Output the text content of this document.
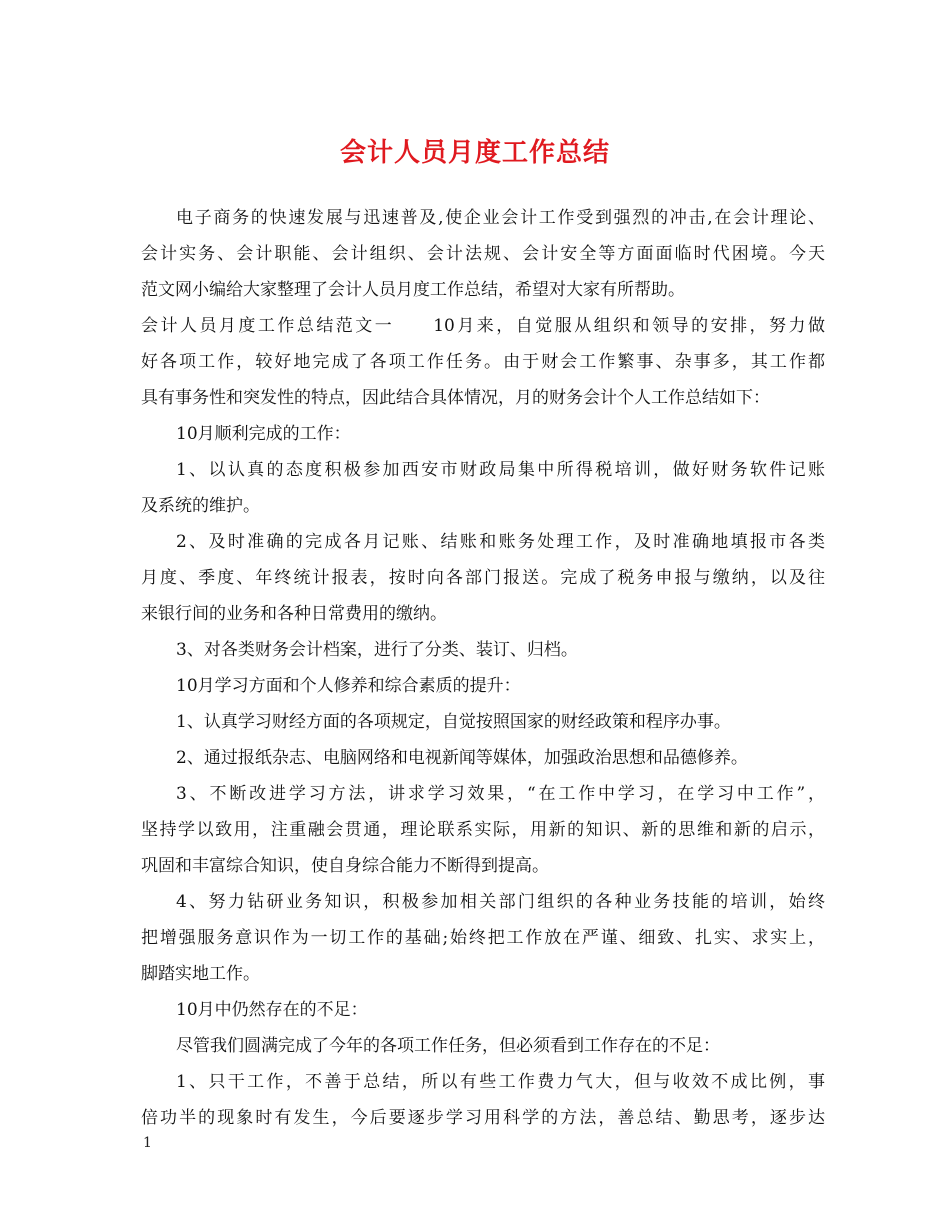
会计人员月度工作总结
电子商务的快速发展与迅速普及,使企业会计工作受到强烈的冲击,在会计理论、
会计实务、会计职能、会计组织、会计法规、会计安全等方面面临时代困境。今天
范文网小编给大家整理了会计人员月度工作总结，希望对大家有所帮助。
会计人员月度工作总结范文一　　10月来，自觉服从组织和领导的安排，努力做
好各项工作，较好地完成了各项工作任务。由于财会工作繁事、杂事多，其工作都
具有事务性和突发性的特点，因此结合具体情况，月的财务会计个人工作总结如下：
10月顺利完成的工作：
1、以认真的态度积极参加西安市财政局集中所得税培训，做好财务软件记账
及系统的维护。
2、及时准确的完成各月记账、结账和账务处理工作，及时准确地填报市各类
月度、季度、年终统计报表，按时向各部门报送。完成了税务申报与缴纳，以及往
来银行间的业务和各种日常费用的缴纳。
3、对各类财务会计档案，进行了分类、装订、归档。
10月学习方面和个人修养和综合素质的提升：
1、认真学习财经方面的各项规定，自觉按照国家的财经政策和程序办事。
2、通过报纸杂志、电脑网络和电视新闻等媒体，加强政治思想和品德修养。
3、不断改进学习方法，讲求学习效果，“在工作中学习，在学习中工作”，
坚持学以致用，注重融会贯通，理论联系实际，用新的知识、新的思维和新的启示，
巩固和丰富综合知识，使自身综合能力不断得到提高。
4、努力钻研业务知识，积极参加相关部门组织的各种业务技能的培训，始终
把增强服务意识作为一切工作的基础;始终把工作放在严谨、细致、扎实、求实上，
脚踏实地工作。
10月中仍然存在的不足：
尽管我们圆满完成了今年的各项工作任务，但必须看到工作存在的不足：
1、只干工作，不善于总结，所以有些工作费力气大，但与收效不成比例，事
倍功半的现象时有发生，今后要逐步学习用科学的方法，善总结、勤思考，逐步达
1
